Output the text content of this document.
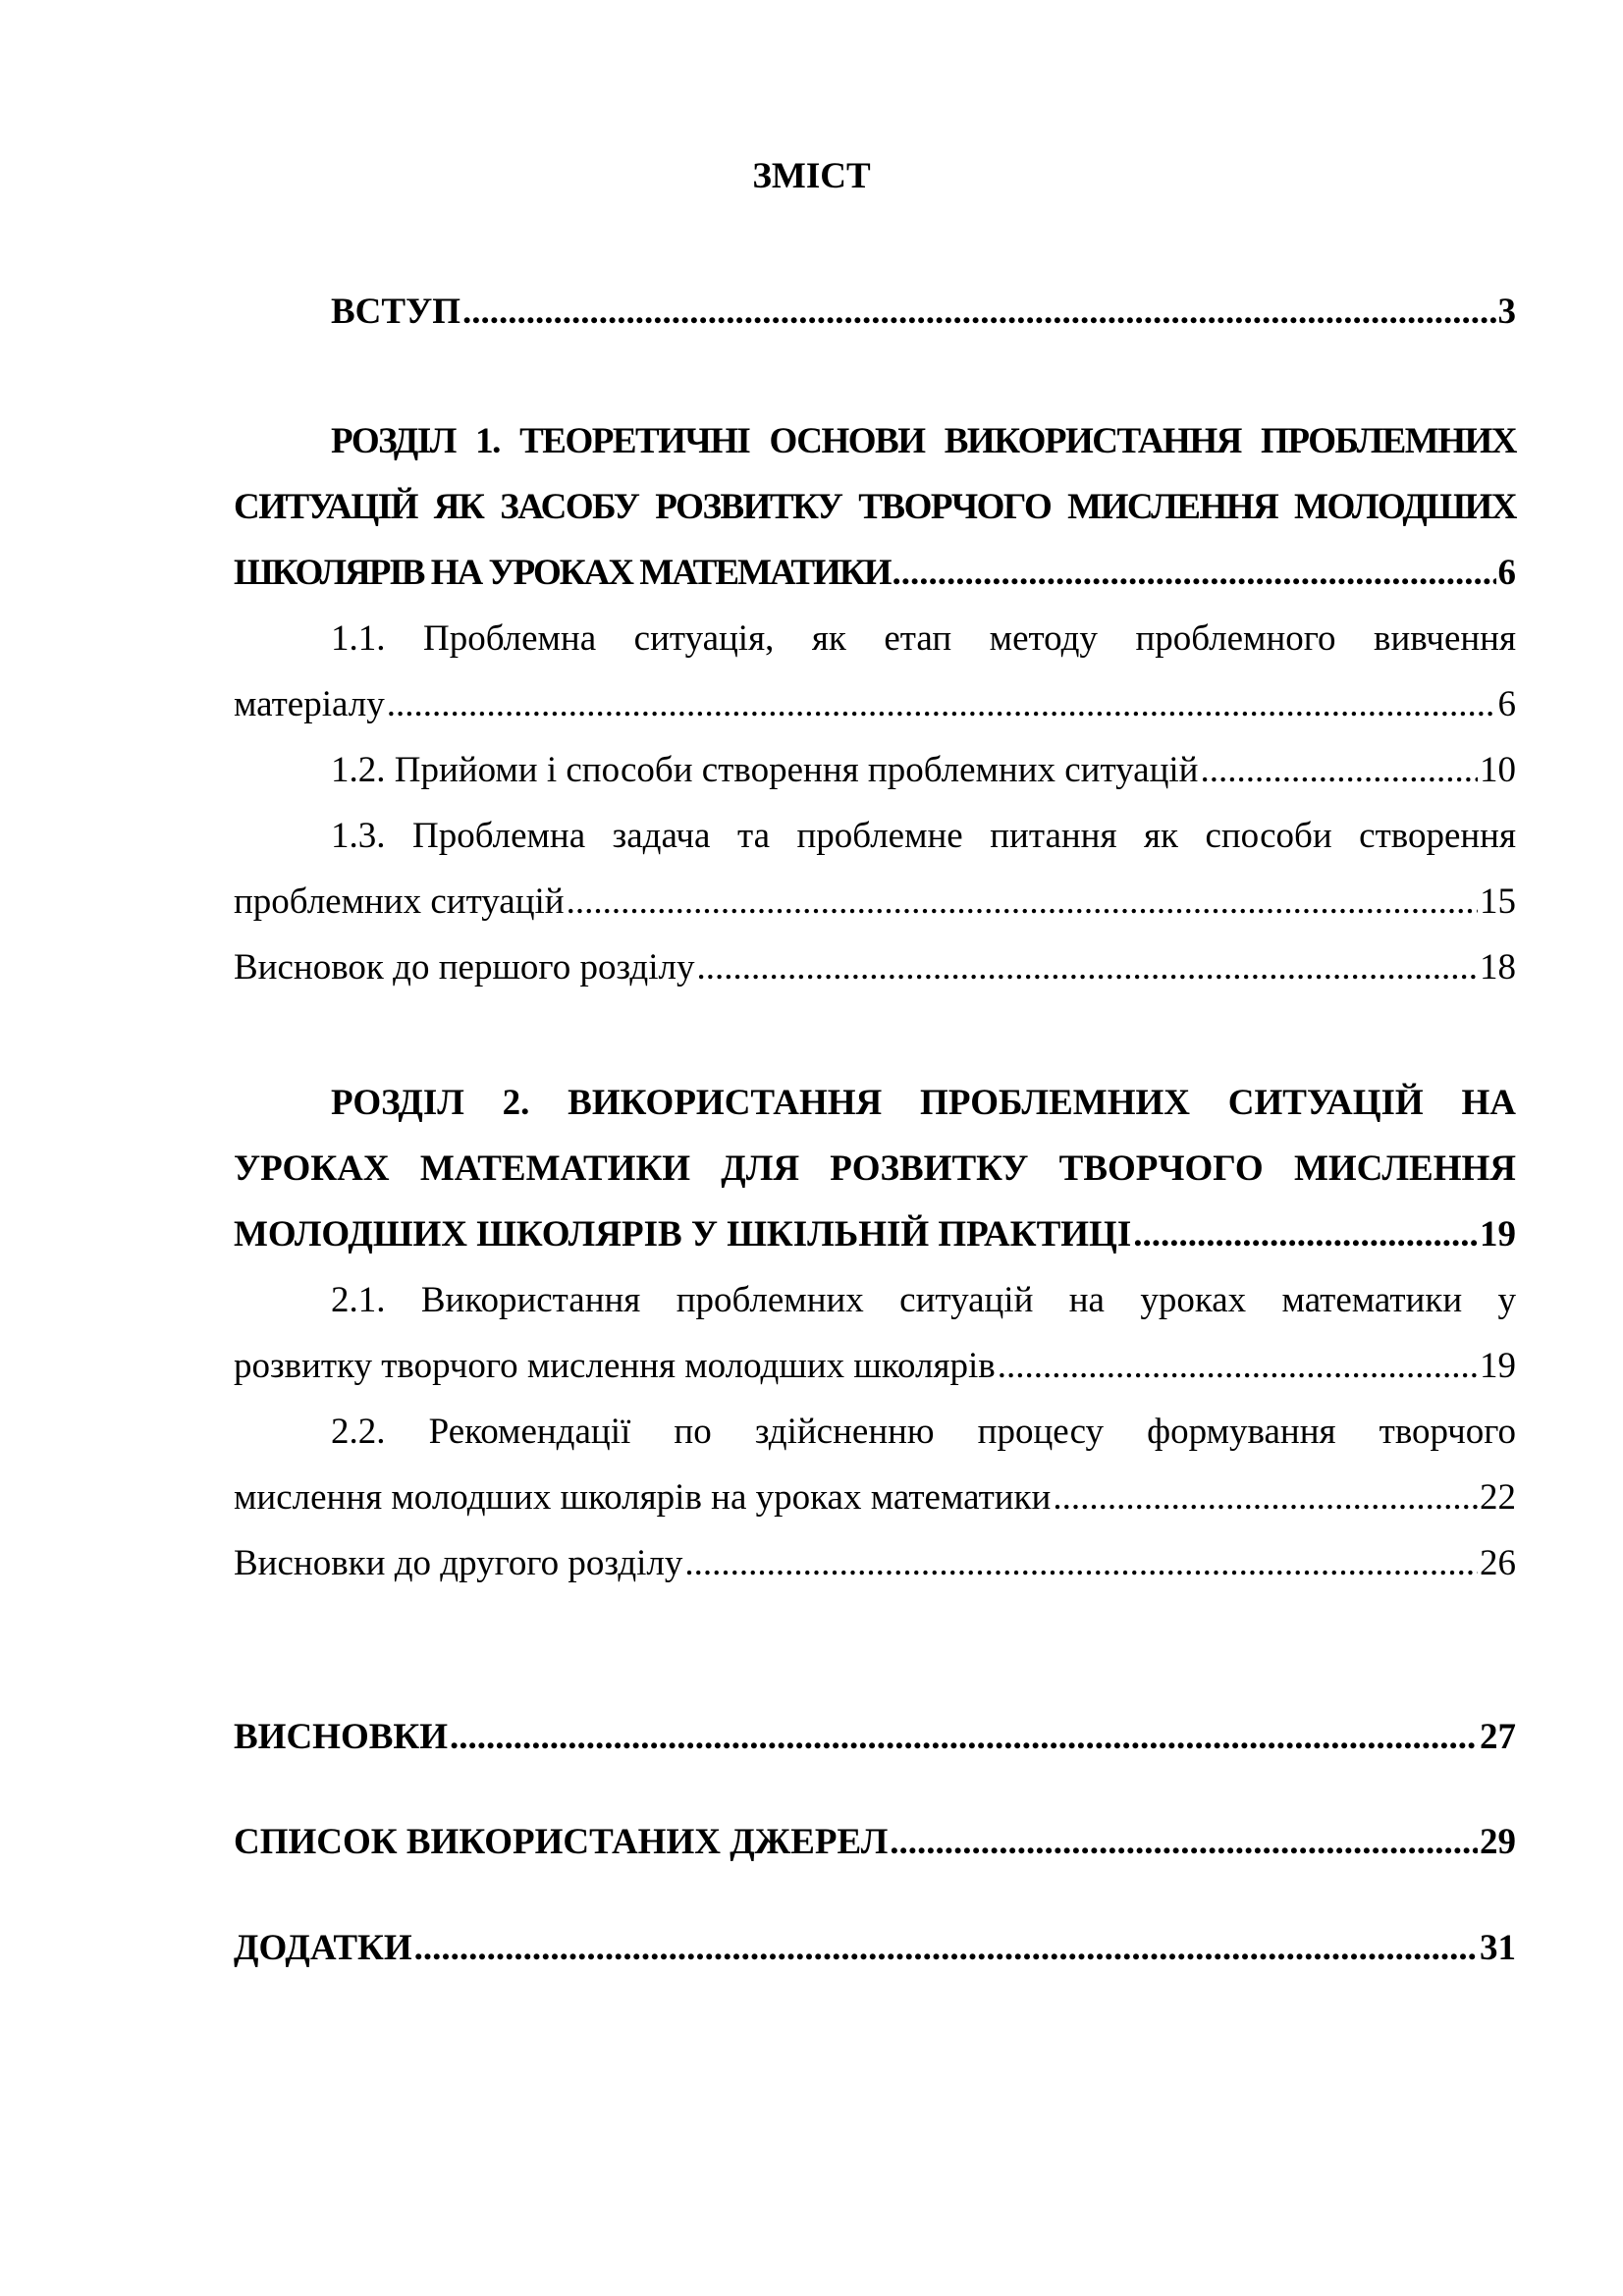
ЗМІСТ
ВСТУП .....	3
РОЗДІЛ 1. ТЕОРЕТИЧНІ ОСНОВИ ВИКОРИСТАННЯ ПРОБЛЕМНИХ
СИТУАЦІЙ ЯК ЗАСОБУ РОЗВИТКУ ТВОРЧОГО МИСЛЕННЯ МОЛОДШИХ
ШКОЛЯРІВ НА УРОКАХ МАТЕМАТИКИ .....	6
1.1. Проблемна ситуація, як етап методу проблемного вивчення
матеріалу .....	6
1.2. Прийоми і способи створення проблемних ситуацій .....	10
1.3. Проблемна задача та проблемне питання як способи створення
проблемних ситуацій .....	15
Висновок до першого розділу .....	18
РОЗДІЛ 2. ВИКОРИСТАННЯ ПРОБЛЕМНИХ СИТУАЦІЙ НА
УРОКАХ МАТЕМАТИКИ ДЛЯ РОЗВИТКУ ТВОРЧОГО МИСЛЕННЯ
МОЛОДШИХ ШКОЛЯРІВ У ШКІЛЬНІЙ ПРАКТИЦІ .....	19
2.1. Використання проблемних ситуацій на уроках математики у
розвитку творчого мислення молодших школярів .....	19
2.2. Рекомендації по здійсненню процесу формування творчого
мислення молодших школярів на уроках математики .....	22
Висновки до другого розділу .....	26
ВИСНОВКИ .....	27
СПИСОК ВИКОРИСТАНИХ ДЖЕРЕЛ .....	29
ДОДАТКИ .....	31
